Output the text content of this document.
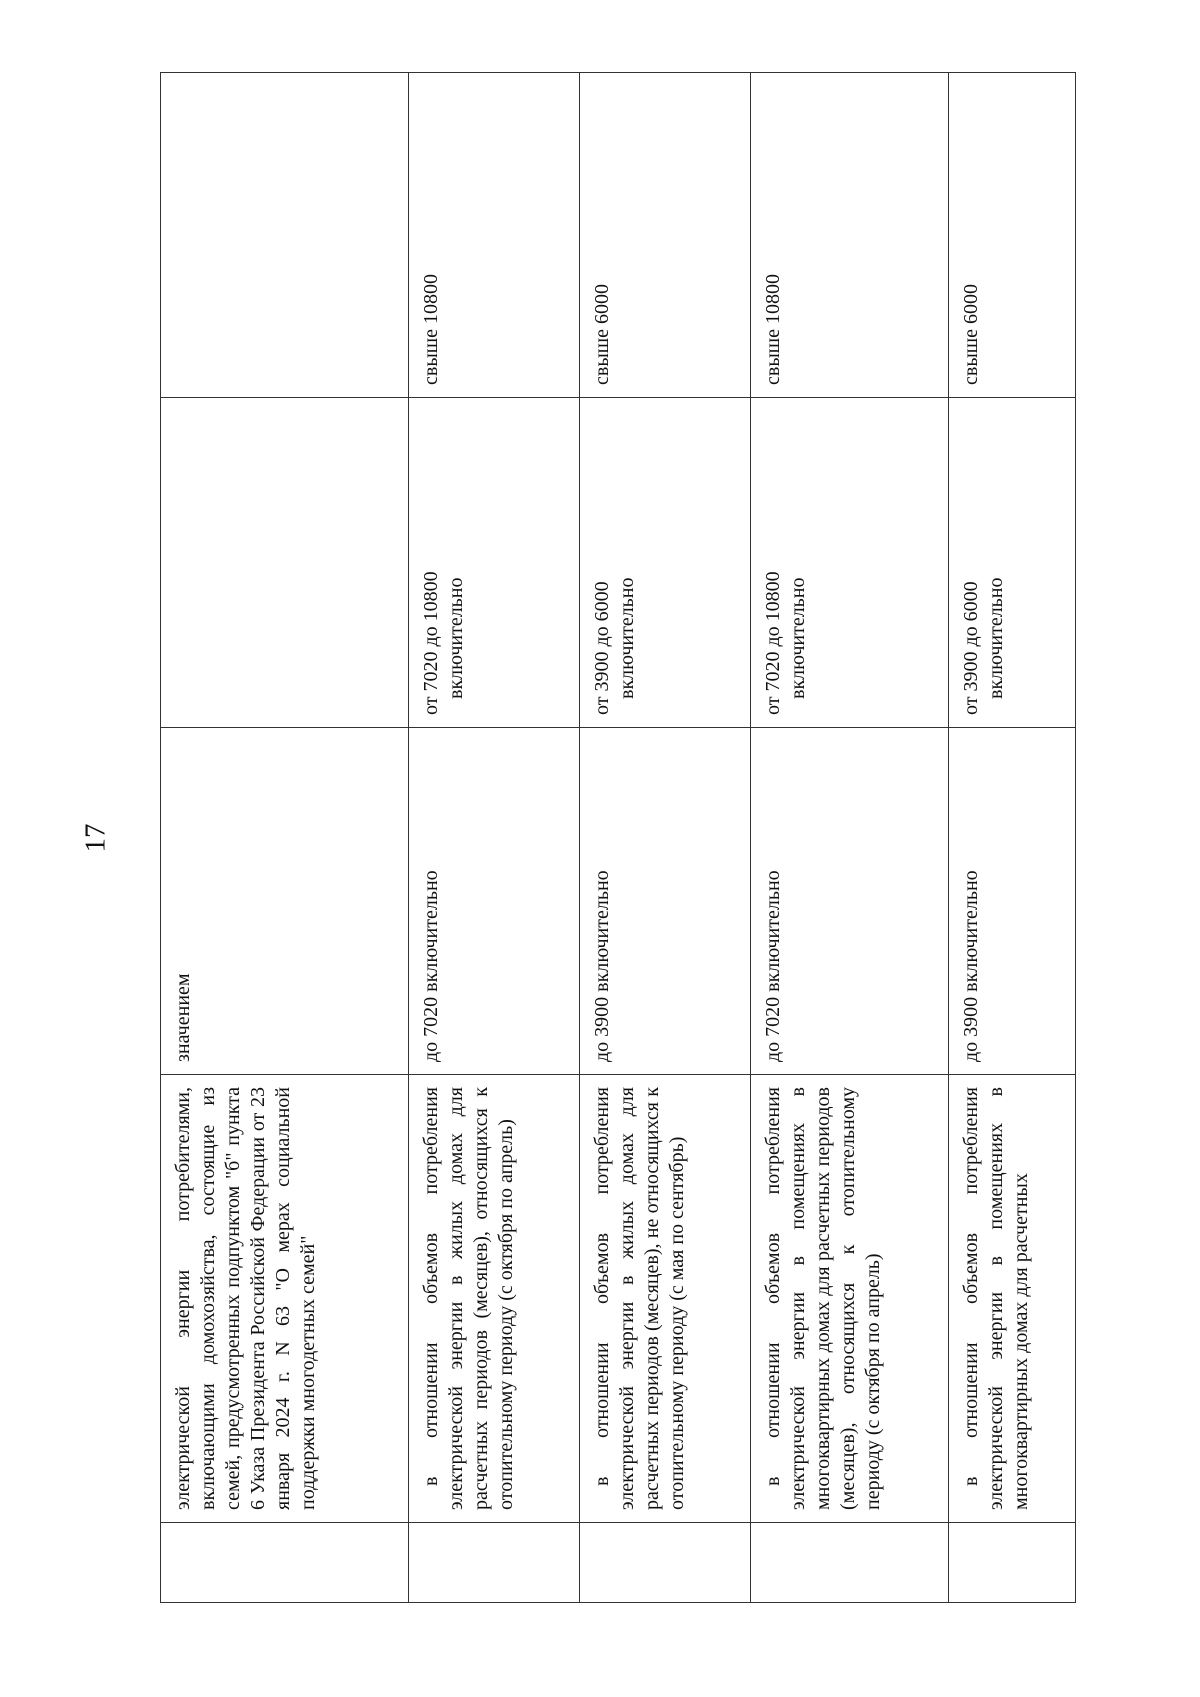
17
	электрической энергии потребителями, включающими домохозяйства, состоящие из семей, предусмотренных подпунктом "б" пункта 6 Указа Президента Российской Федерации от 23 января 2024 г. N 63 "О мерах социальной поддержки многодетных семей"	значением		
	в отношении объемов потребления электрической энергии в жилых домах для расчетных периодов (месяцев), относящихся к отопительному периоду (с октября по апрель)	до 7020 включительно	от 7020 до 10800 включительно	свыше 10800
	в отношении объемов потребления электрической энергии в жилых домах для расчетных периодов (месяцев), не относящихся к отопительному периоду (с мая по сентябрь)	до 3900 включительно	от 3900 до 6000 включительно	свыше 6000
	в отношении объемов потребления электрической энергии в помещениях в многоквартирных домах для расчетных периодов (месяцев), относящихся к отопительному периоду (с октября по апрель)	до 7020 включительно	от 7020 до 10800 включительно	свыше 10800
	в отношении объемов потребления электрической энергии в помещениях в многоквартирных домах для расчетных	до 3900 включительно	от 3900 до 6000 включительно	свыше 6000
